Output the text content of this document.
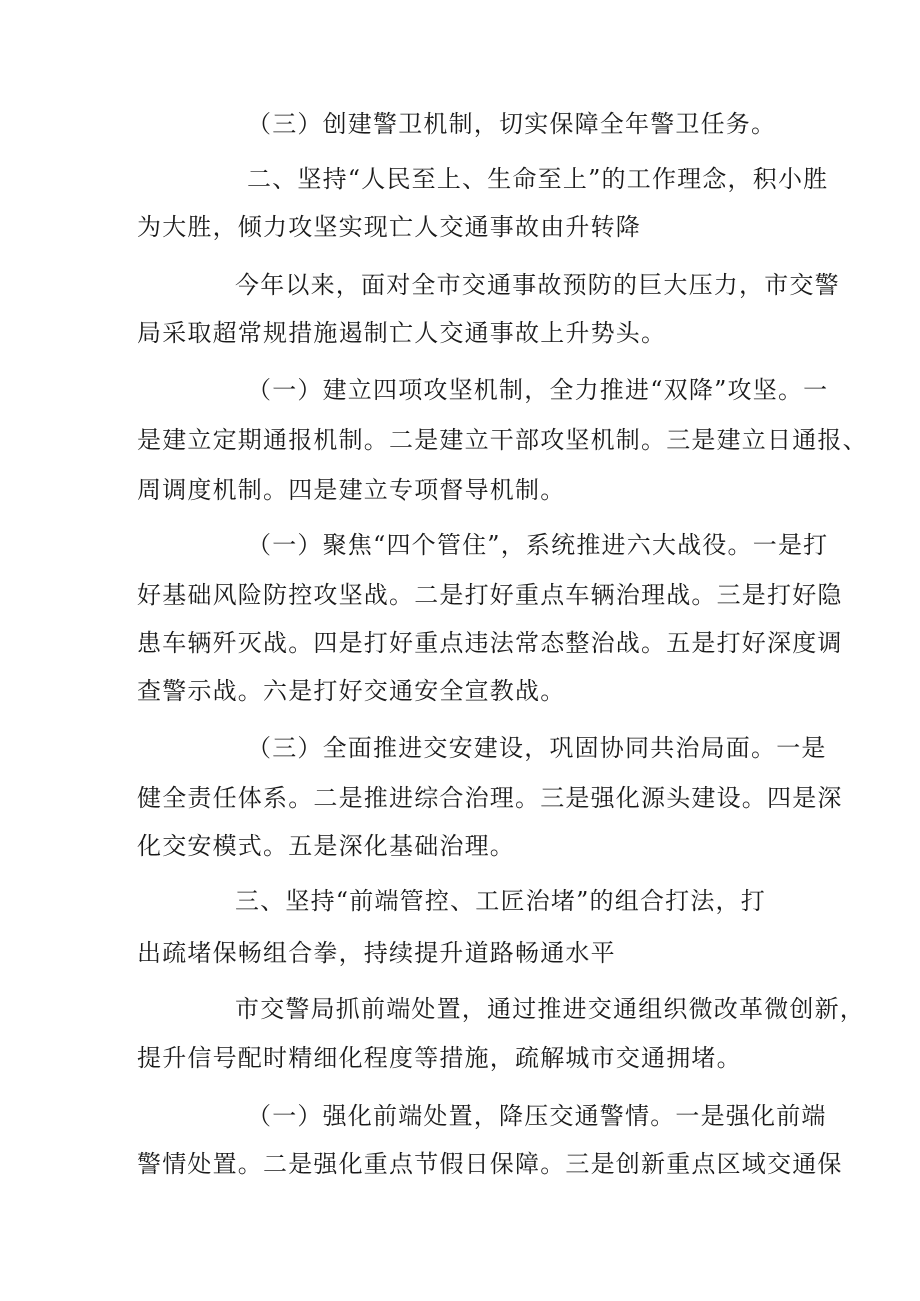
（三）创建警卫机制，切实保障全年警卫任务。
二、坚持“人民至上、生命至上”的工作理念，积小胜
为大胜，倾力攻坚实现亡人交通事故由升转降
今年以来，面对全市交通事故预防的巨大压力，市交警
局采取超常规措施遏制亡人交通事故上升势头。
（一）建立四项攻坚机制，全力推进“双降”攻坚。一
是建立定期通报机制。二是建立干部攻坚机制。三是建立日通报、
周调度机制。四是建立专项督导机制。
（一）聚焦“四个管住”，系统推进六大战役。一是打
好基础风险防控攻坚战。二是打好重点车辆治理战。三是打好隐
患车辆歼灭战。四是打好重点违法常态整治战。五是打好深度调
查警示战。六是打好交通安全宣教战。
（三）全面推进交安建设，巩固协同共治局面。一是
健全责任体系。二是推进综合治理。三是强化源头建设。四是深
化交安模式。五是深化基础治理。
三、坚持“前端管控、工匠治堵”的组合打法，打
出疏堵保畅组合拳，持续提升道路畅通水平
市交警局抓前端处置，通过推进交通组织微改革微创新，
提升信号配时精细化程度等措施，疏解城市交通拥堵。
（一）强化前端处置，降压交通警情。一是强化前端
警情处置。二是强化重点节假日保障。三是创新重点区域交通保
